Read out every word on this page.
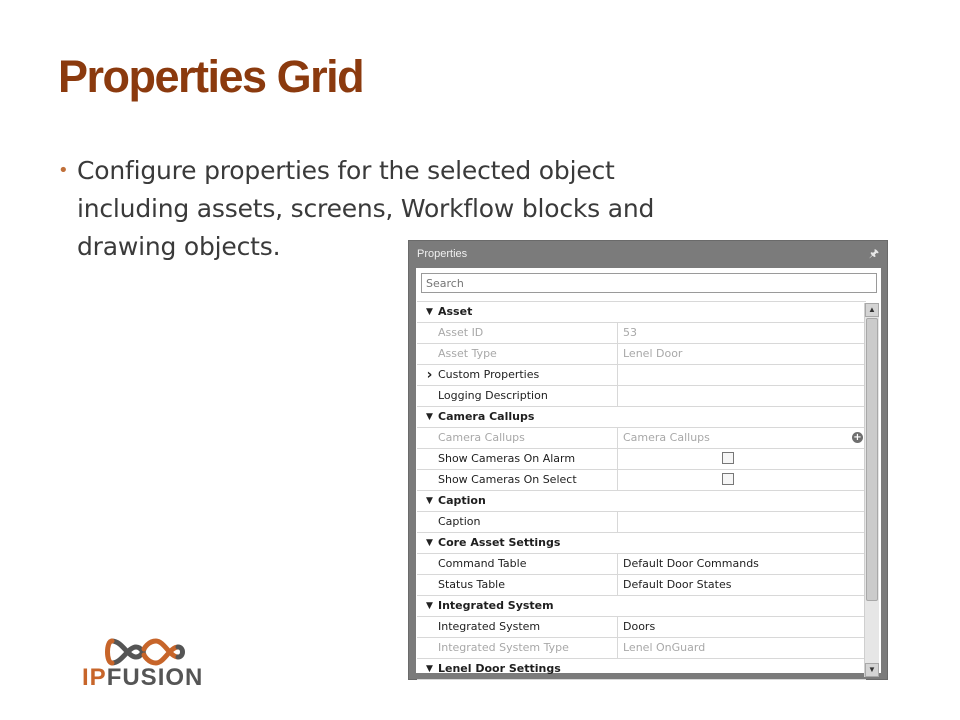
Properties Grid
• Configure properties for the selected object including assets, screens, Workflow blocks and drawing objects.
IPFUSION
Properties	🖈︎
Search
▼ Asset
Asset ID	53
Asset Type	Lenel Door
› Custom Properties
Logging Description
▼ Camera Callups
Camera Callups	Camera Callups	+
Show Cameras On Alarm
Show Cameras On Select
▼ Caption
Caption
▼ Core Asset Settings
Command Table	Default Door Commands
Status Table	Default Door States
▼ Integrated System
Integrated System	Doors
Integrated System Type	Lenel OnGuard
▼ Lenel Door Settings
▲
▼
